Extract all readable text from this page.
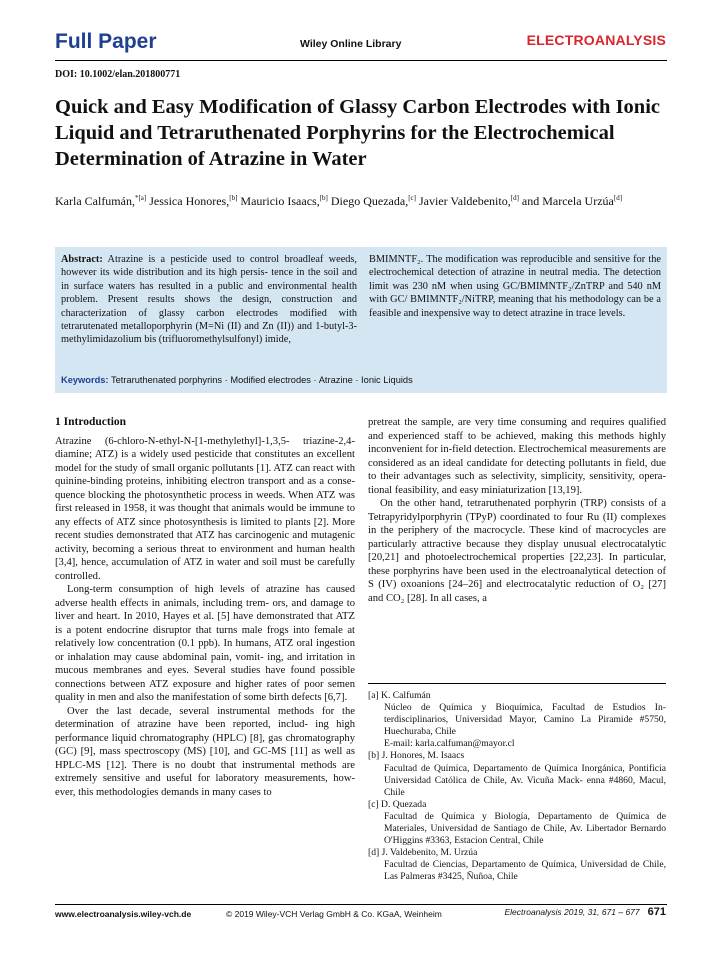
Full Paper	Wiley Online Library	ELECTROANALYSIS
DOI: 10.1002/elan.201800771
Quick and Easy Modification of Glassy Carbon Electrodes with Ionic Liquid and Tetraruthenated Porphyrins for the Electrochemical Determination of Atrazine in Water
Karla Calfumán,$^{*[a]}$ Jessica Honores,[b] Mauricio Isaacs,[b] Diego Quezada,[c] Javier Valdebenito,[d] and Marcela Urzúa[d]
Abstract: Atrazine is a pesticide used to control broadleaf weeds, however its wide distribution and its high persis- tence in the soil and in surface waters has resulted in a public and environmental health problem. Present results shows the design, construction and characterization of glassy carbon electrodes modified with tetrarutenated metalloporphyrin (M=Ni (II) and Zn (II)) and 1-butyl-3- methylimidazolium bis (trifluoromethylsulfonyl) imide,
BMIMNTF₂. The modification was reproducible and sensitive for the electrochemical detection of atrazine in neutral media. The detection limit was 230 nM when using GC/BMIMNTF₂/ZnTRP and 540 nM with GC/ BMIMNTF₂/NiTRP, meaning that his methodology can be a feasible and inexpensive way to detect atrazine in trace levels.
Keywords: Tetraruthenated porphyrins · Modified electrodes · Atrazine · Ionic Liquids

1 Introduction

Atrazine (6-chloro-N-ethyl-N-[1-methylethyl]-1,3,5- triazine-2,4-diamine; ATZ) is a widely used pesticide that constitutes an excellent model for the study of small organic pollutants [1]. ATZ can react with quinine-binding proteins, inhibiting electron transport and as a conse- quence blocking the photosynthetic process in weeds. When ATZ was first released in 1958, it was thought that animals would be immune to any effects of ATZ since photosynthesis is limited to plants [2]. More recent studies demonstrated that ATZ has carcinogenic and mutagenic activity, becoming a serious threat to environment and human health [3,4], hence, accumulation of ATZ in water and soil must be carefully controlled.

Long-term consumption of high levels of atrazine has caused adverse health effects in animals, including trem- ors, and damage to liver and heart. In 2010, Hayes et al. [5] have demonstrated that ATZ is a potent endocrine disruptor that turns male frogs into female at relatively low concentration (0.1 ppb). In humans, ATZ oral ingestion or inhalation may cause abdominal pain, vomit- ing, and irritation in mucous membranes and eyes. Several studies have found possible connections between ATZ exposure and higher rates of poor semen quality in men and also the manifestation of some birth defects [6,7].

Over the last decade, several instrumental methods for the determination of atrazine have been reported, includ- ing high performance liquid chromatography (HPLC) [8], gas chromatography (GC) [9], mass spectroscopy (MS) [10], and GC-MS [11] as well as HPLC-MS [12]. There is no doubt that instrumental methods are extremely sensitive and useful for laboratory measurements, how- ever, this methodologies demands in many cases to

pretreat the sample, are very time consuming and requires qualified and experienced staff to be achieved, making this methods highly inconvenient for in-field detection. Electrochemical measurements are considered as an ideal candidate for detecting pollutants in field, due to their advantages such as selectivity, simplicity, sensitivity, opera- tional feasibility, and easy miniaturization [13,19].

On the other hand, tetraruthenated porphyrin (TRP) consists of a Tetrapyridylporphyrin (TPyP) coordinated to four Ru (II) complexes in the periphery of the macrocycle. These kind of macrocycles are particularly attractive because they display unusual electrocatalytic [20,21] and photoelectrochemical properties [22,23]. In particular, these porphyrins have been used in the electroanalytical detection of S (IV) oxoanions [24–26] and electrocatalytic reduction of O₂ [27] and CO₂ [28]. In all cases, a

[a] K. Calfumán
Núcleo de Química y Bioquímica, Facultad de Estudios In- terdisciplinarios, Universidad Mayor, Camino La Piramide #5750, Huechuraba, Chile
E-mail: karla.calfuman@mayor.cl
[b] J. Honores, M. Isaacs
Facultad de Química, Departamento de Química Inorgánica, Pontificia Universidad Católica de Chile, Av. Vicuña Mack- enna #4860, Macul, Chile
[c] D. Quezada
Facultad de Química y Biología, Departamento de Química de Materiales, Universidad de Santiago de Chile, Av. Libertador Bernardo O'Higgins #3363, Estacion Central, Chile
[d] J. Valdebenito, M. Urzúa
Facultad de Ciencias, Departamento de Química, Universidad de Chile, Las Palmeras #3425, Ñuñoa, Chile
www.electroanalysis.wiley-vch.de	© 2019 Wiley-VCH Verlag GmbH & Co. KGaA, Weinheim	Electroanalysis 2019, 31, 671 – 677 671
